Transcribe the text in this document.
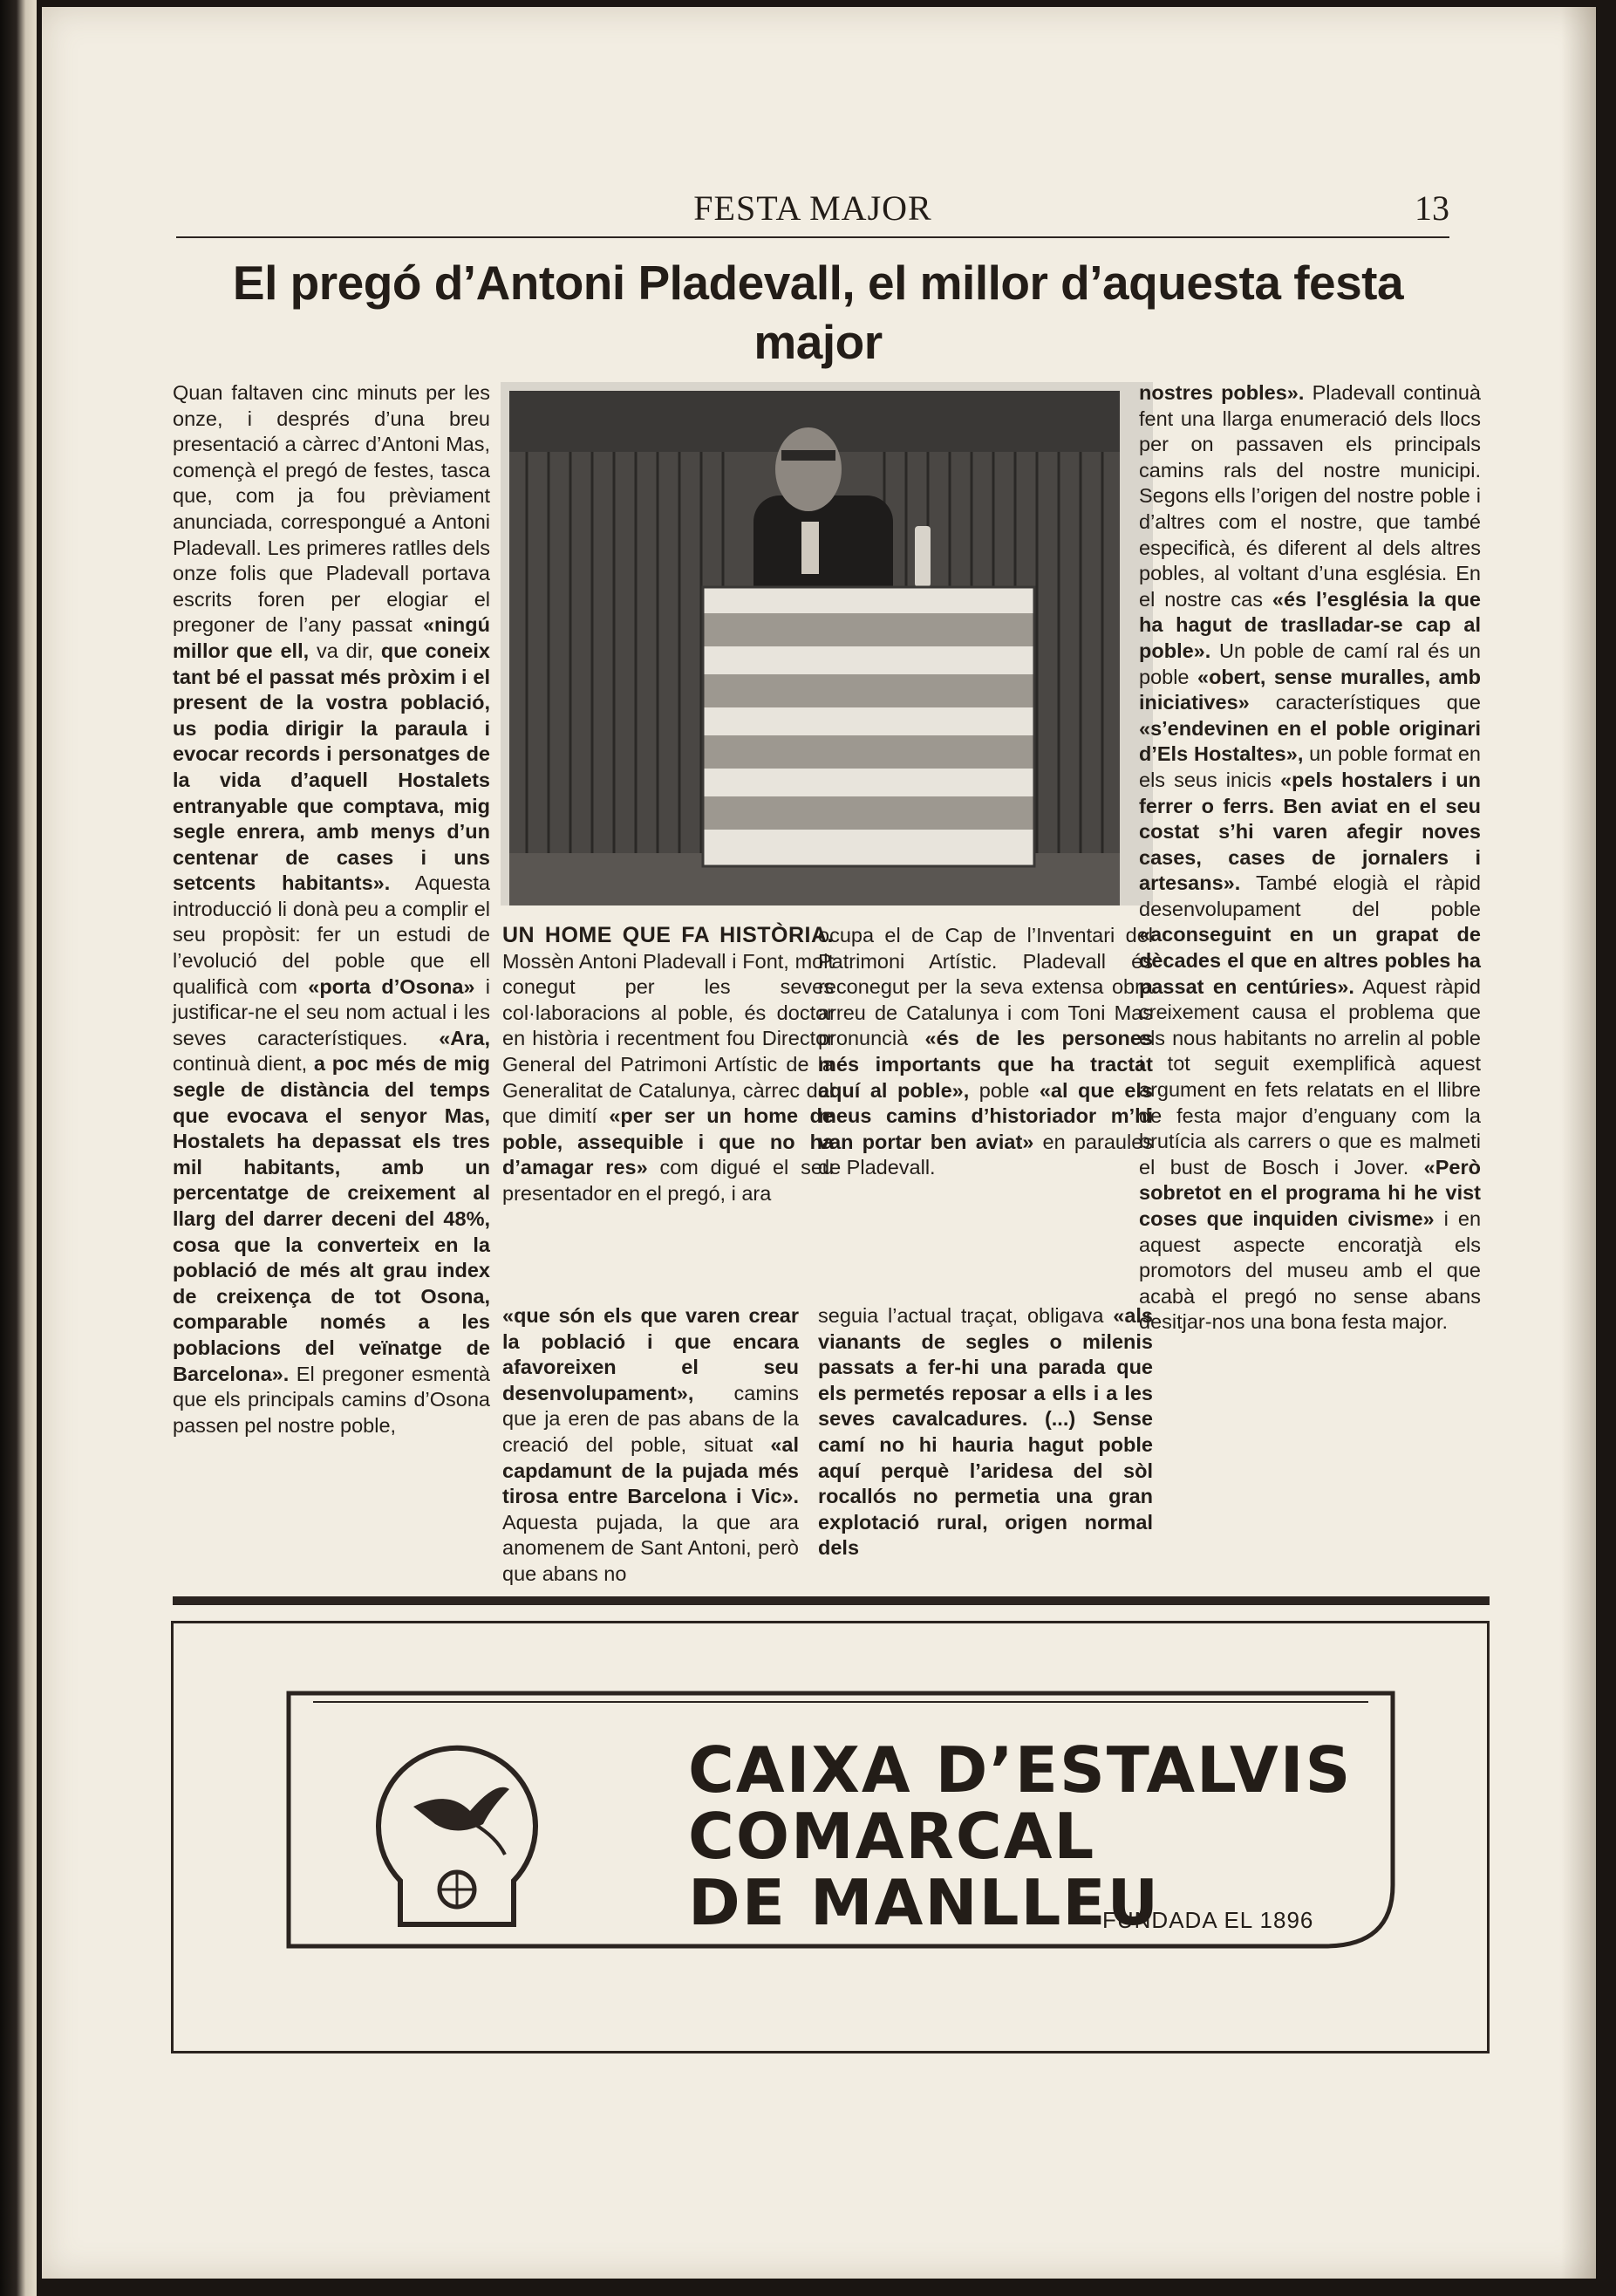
FESTA MAJOR	13
El pregó d’Antoni Pladevall, el millor d’aquesta festa major

Quan faltaven cinc minuts per les onze, i després d’una breu presentació a càrrec d’Antoni Mas, començà el pregó de festes, tasca que, com ja fou prèviament anunciada, correspongué a Antoni Pladevall. Les primeres ratlles dels onze folis que Pladevall portava escrits foren per elogiar el pregoner de l’any passat «ningú millor que ell, va dir, que coneix tant bé el passat més pròxim i el present de la vostra població, us podia dirigir la paraula i evocar records i personatges de la vida d’aquell Hostalets entranyable que comptava, mig segle enrera, amb menys d’un centenar de cases i uns setcents habitants». Aquesta introducció li donà peu a complir el seu propòsit: fer un estudi de l’evolució del poble que ell qualificà com «porta d’Osona» i justificar-ne el seu nom actual i les seves característiques. «Ara, continuà dient, a poc més de mig segle de distància del temps que evocava el senyor Mas, Hostalets ha depassat els tres mil habitants, amb un percentatge de creixement al llarg del darrer deceni del 48%, cosa que la converteix en la població de més alt grau index de creixença de tot Osona, comparable només a les poblacions del veïnatge de Barcelona». El pregoner esmentà que els principals camins d’Osona passen pel nostre poble,

UN HOME QUE FA HISTÒRIA. Mossèn Antoni Pladevall i Font, molt conegut per les seves col·laboracions al poble, és doctor en història i recentment fou Director General del Patrimoni Artístic de la Generalitat de Catalunya, càrrec del que dimití «per ser un home de poble, assequible i que no ha d’amagar res» com digué el seu presentador en el pregó, i ara

ocupa el de Cap de l’Inventari del Patrimoni Artístic. Pladevall és reconegut per la seva extensa obra arreu de Catalunya i com Toni Mas pronuncià «és de les persones més importants que ha tractat aquí al poble», poble «al que els meus camins d’historiador m’hi van portar ben aviat» en paraules de Pladevall.

«que són els que varen crear la població i que encara afavoreixen el seu desenvolupament», camins que ja eren de pas abans de la creació del poble, situat «al capdamunt de la pujada més tirosa entre Barcelona i Vic». Aquesta pujada, la que ara anomenem de Sant Antoni, però que abans no

seguia l’actual traçat, obligava «als vianants de segles o milenis passats a fer-hi una parada que els permetés reposar a ells i a les seves cavalcadures. (...) Sense camí no hi hauria hagut poble aquí perquè l’aridesa del sòl rocallós no permetia una gran explotació rural, origen normal dels

nostres pobles». Pladevall continuà fent una llarga enumeració dels llocs per on passaven els principals camins rals del nostre municipi. Segons ells l’origen del nostre poble i d’altres com el nostre, que també especificà, és diferent al dels altres pobles, al voltant d’una església. En el nostre cas «és l’església la que ha hagut de traslladar-se cap al poble». Un poble de camí ral és un poble «obert, sense muralles, amb iniciatives» característiques que «s’endevinen en el poble originari d’Els Hostaltes», un poble format en els seus inicis «pels hostalers i un ferrer o ferrs. Ben aviat en el seu costat s’hi varen afegir noves cases, cases de jornalers i artesans». També elogià el ràpid desenvolupament del poble «aconseguint en un grapat de dècades el que en altres pobles ha passat en centúries». Aquest ràpid creixement causa el problema que els nous habitants no arrelin al poble i tot seguit exemplificà aquest argument en fets relatats en el llibre de festa major d’enguany com la brutícia als carrers o que es malmeti el bust de Bosch i Jover. «Però sobretot en el programa hi he vist coses que inquiden civisme» i en aquest aspecte encoratjà els promotors del museu amb el que acabà el pregó no sense abans desitjar-nos una bona festa major.

CAIXA D’ESTALVIS
COMARCAL
DE MANLLEU
FUNDADA EL 1896
